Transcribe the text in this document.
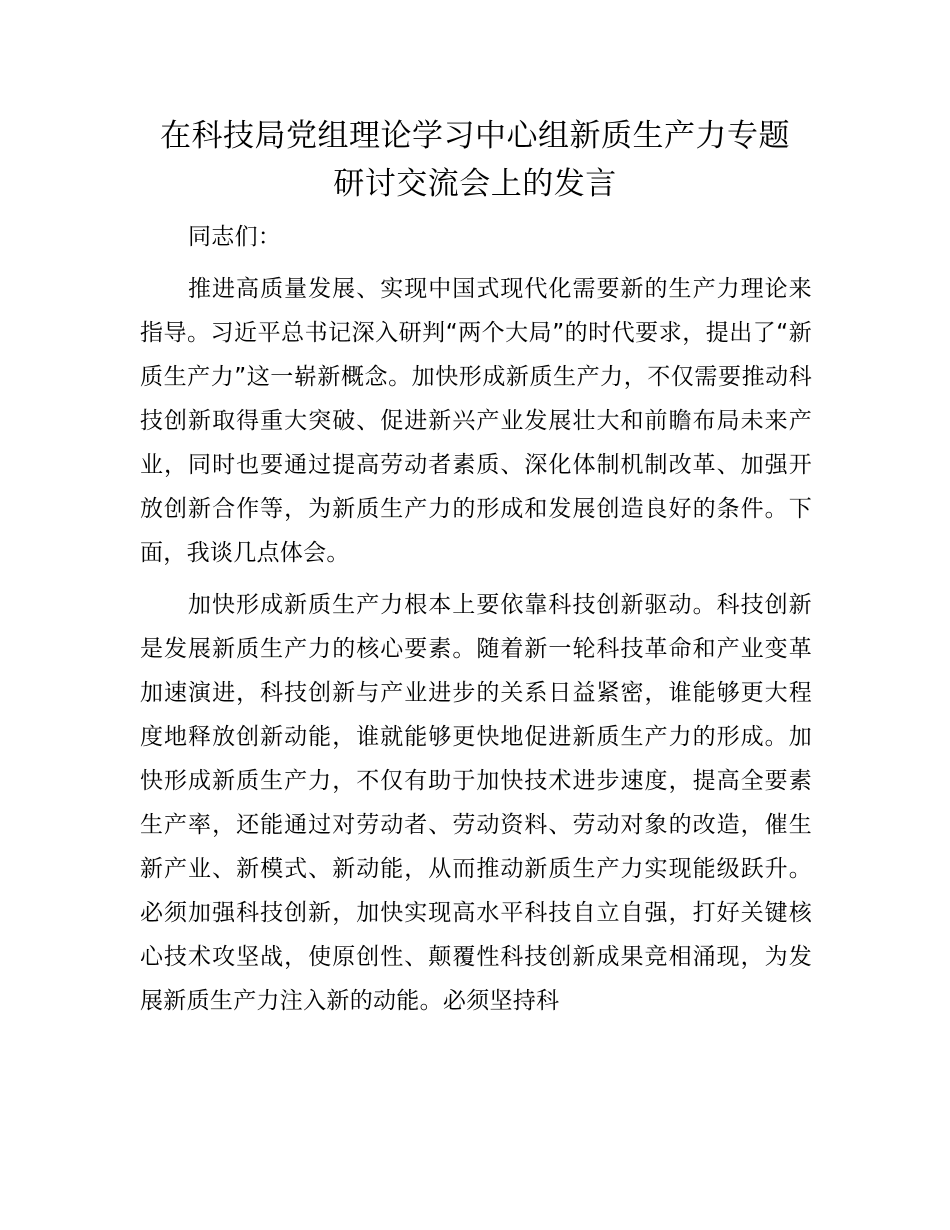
在科技局党组理论学习中心组新质生产力专题
研讨交流会上的发言

同志们：

推进高质量发展、实现中国式现代化需要新的生产力理论来指导。习近平总书记深入研判“两个大局”的时代要求，提出了“新质生产力”这一崭新概念。加快形成新质生产力，不仅需要推动科技创新取得重大突破、促进新兴产业发展壮大和前瞻布局未来产业，同时也要通过提高劳动者素质、深化体制机制改革、加强开放创新合作等，为新质生产力的形成和发展创造良好的条件。下面，我谈几点体会。

加快形成新质生产力根本上要依靠科技创新驱动。科技创新是发展新质生产力的核心要素。随着新一轮科技革命和产业变革加速演进，科技创新与产业进步的关系日益紧密，谁能够更大程度地释放创新动能，谁就能够更快地促进新质生产力的形成。加快形成新质生产力，不仅有助于加快技术进步速度，提高全要素生产率，还能通过对劳动者、劳动资料、劳动对象的改造，催生新产业、新模式、新动能，从而推动新质生产力实现能级跃升。必须加强科技创新，加快实现高水平科技自立自强，打好关键核心技术攻坚战，使原创性、颠覆性科技创新成果竞相涌现，为发展新质生产力注入新的动能。必须坚持科
